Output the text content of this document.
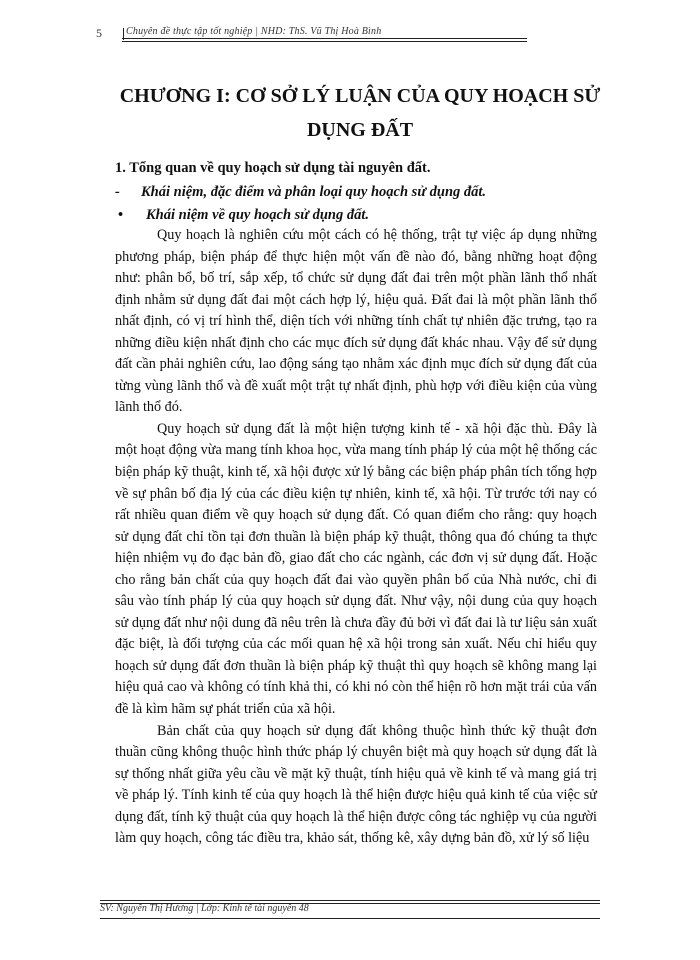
5 Chuyên đề thực tập tốt nghiệp | NHD: ThS. Vũ Thị Hoà Bình
CHƯƠNG I: CƠ SỞ LÝ LUẬN CỦA QUY HOẠCH SỬ DỤNG ĐẤT
1. Tổng quan về quy hoạch sử dụng tài nguyên đất.
- Khái niệm, đặc điểm và phân loại quy hoạch sử dụng đất.
• Khái niệm về quy hoạch sử dụng đất.

Quy hoạch là nghiên cứu một cách có hệ thống, trật tự việc áp dụng những phương pháp, biện pháp để thực hiện một vấn đề nào đó, bằng những hoạt động như: phân bổ, bố trí, sắp xếp, tổ chức sử dụng đất đai trên một phần lãnh thổ nhất định nhằm sử dụng đất đai một cách hợp lý, hiệu quả. Đất đai là một phần lãnh thổ nhất định, có vị trí hình thể, diện tích với những tính chất tự nhiên đặc trưng, tạo ra những điều kiện nhất định cho các mục đích sử dụng đất khác nhau. Vậy để sử dụng đất cần phải nghiên cứu, lao động sáng tạo nhằm xác định mục đích sử dụng đất của từng vùng lãnh thổ và đề xuất một trật tự nhất định, phù hợp với điều kiện của vùng lãnh thổ đó.

Quy hoạch sử dụng đất là một hiện tượng kinh tế - xã hội đặc thù. Đây là một hoạt động vừa mang tính khoa học, vừa mang tính pháp lý của một hệ thống các biện pháp kỹ thuật, kinh tế, xã hội được xử lý bằng các biện pháp phân tích tổng hợp về sự phân bố địa lý của các điều kiện tự nhiên, kinh tế, xã hội. Từ trước tới nay có rất nhiều quan điểm về quy hoạch sử dụng đất. Có quan điểm cho rằng: quy hoạch sử dụng đất chỉ tồn tại đơn thuần là biện pháp kỹ thuật, thông qua đó chúng ta thực hiện nhiệm vụ đo đạc bản đồ, giao đất cho các ngành, các đơn vị sử dụng đất. Hoặc cho rằng bản chất của quy hoạch đất đai vào quyền phân bố của Nhà nước, chỉ đi sâu vào tính pháp lý của quy hoạch sử dụng đất. Như vậy, nội dung của quy hoạch sử dụng đất như nội dung đã nêu trên là chưa đầy đủ bởi vì đất đai là tư liệu sản xuất đặc biệt, là đối tượng của các mối quan hệ xã hội trong sản xuất. Nếu chỉ hiểu quy hoạch sử dụng đất đơn thuần là biện pháp kỹ thuật thì quy hoạch sẽ không mang lại hiệu quả cao và không có tính khả thi, có khi nó còn thể hiện rõ hơn mặt trái của vấn đề là kìm hãm sự phát triển của xã hội.

Bản chất của quy hoạch sử dụng đất không thuộc hình thức kỹ thuật đơn thuần cũng không thuộc hình thức pháp lý chuyên biệt mà quy hoạch sử dụng đất là sự thống nhất giữa yêu cầu về mặt kỹ thuật, tính hiệu quả về kinh tế và mang giá trị về pháp lý. Tính kinh tế của quy hoạch là thể hiện được hiệu quả kinh tế của việc sử dụng đất, tính kỹ thuật của quy hoạch là thể hiện được công tác nghiệp vụ của người làm quy hoạch, công tác điều tra, khảo sát, thống kê, xây dựng bản đồ, xử lý số liệu

SV: Nguyễn Thị Hương | Lớp: Kinh tế tài nguyên 48
